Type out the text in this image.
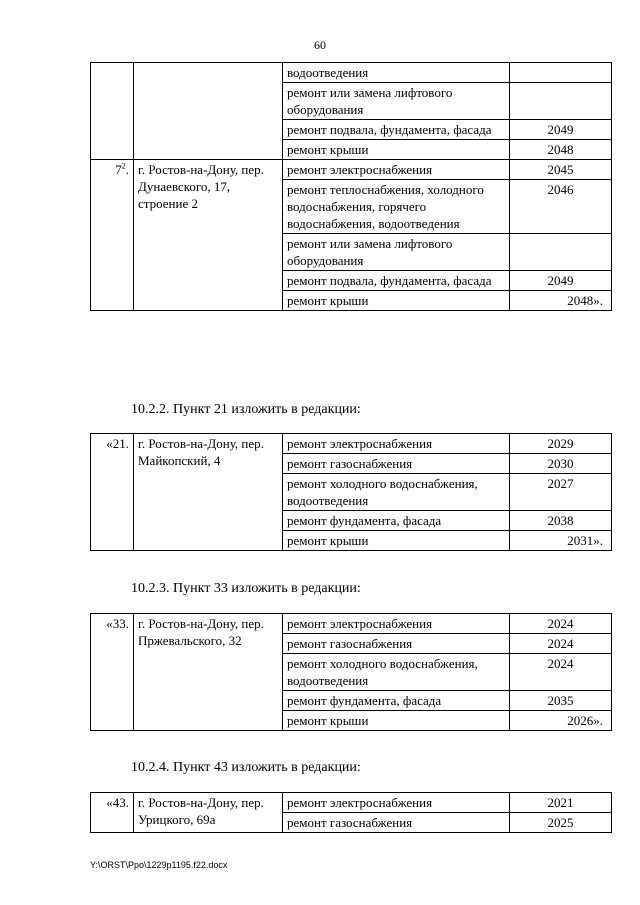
60
		водоотведения	
		ремонт или замена лифтового оборудования	
		ремонт подвала, фундамента, фасада	2049
		ремонт крыши	2048
$7^2$.	г. Ростов-на-Дону, пер. Дунаевского, 17, строение 2	ремонт электроснабжения	2045
		ремонт теплоснабжения, холодного водоснабжения, горячего водоснабжения, водоотведения	2046
		ремонт или замена лифтового оборудования	
		ремонт подвала, фундамента, фасада	2049
		ремонт крыши	2048».
10.2.2. Пункт 21 изложить в редакции:
«21.	г. Ростов-на-Дону, пер. Майкопский, 4	ремонт электроснабжения	2029
		ремонт газоснабжения	2030
		ремонт холодного водоснабжения, водоотведения	2027
		ремонт фундамента, фасада	2038
		ремонт крыши	2031».
10.2.3. Пункт 33 изложить в редакции:
«33.	г. Ростов-на-Дону, пер. Пржевальского, 32	ремонт электроснабжения	2024
		ремонт газоснабжения	2024
		ремонт холодного водоснабжения, водоотведения	2024
		ремонт фундамента, фасада	2035
		ремонт крыши	2026».
10.2.4. Пункт 43 изложить в редакции:
«43.	г. Ростов-на-Дону, пер. Урицкого, 69а	ремонт электроснабжения	2021
		ремонт газоснабжения	2025
Y:\ORST\Ppo\1229p1195.f22.docx
